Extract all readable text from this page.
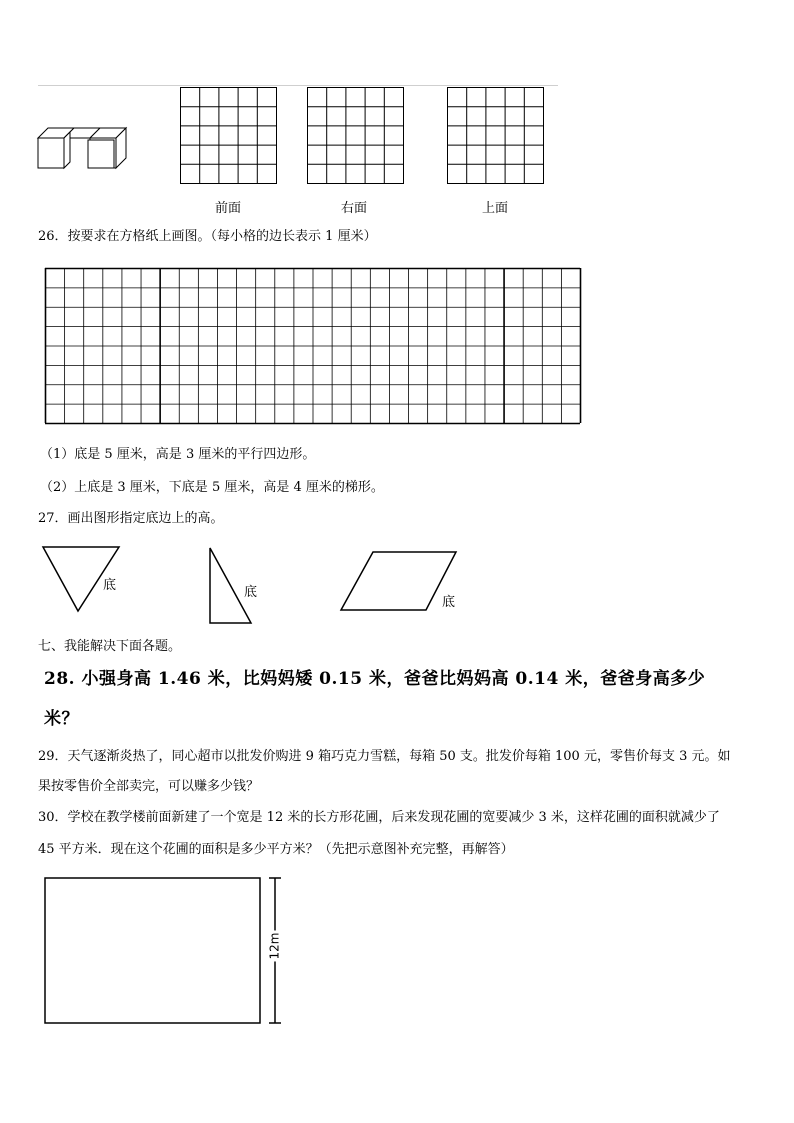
前面	右面	上面
26．按要求在方格纸上画图。（每小格的边长表示 1 厘米）
（1）底是 5 厘米，高是 3 厘米的平行四边形。
（2）上底是 3 厘米，下底是 5 厘米，高是 4 厘米的梯形。
27．画出图形指定底边上的高。
底	底
底
七、我能解决下面各题。
28. 小强身高 1.46 米，比妈妈矮 0.15 米，爸爸比妈妈高 0.14 米，爸爸身高多少
米？
29．天气逐渐炎热了，同心超市以批发价购进 9 箱巧克力雪糕，每箱 50 支。批发价每箱 100 元，零售价每支 3 元。如
果按零售价全部卖完，可以赚多少钱？
30．学校在教学楼前面新建了一个宽是 12 米的长方形花圃，后来发现花圃的宽要减少 3 米，这样花圃的面积就减少了
45 平方米．现在这个花圃的面积是多少平方米？（先把示意图补充完整，再解答）
12m
